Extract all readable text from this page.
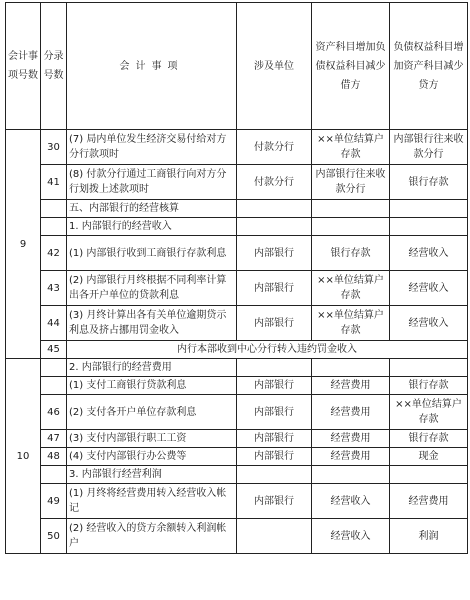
会计事项号数	分录号数	会计事项	涉及单位	资产科目增加负债权益科目减少借方	负债权益科目增加资产科目减少贷方
9	30	(7) 局内单位发生经济交易付给对方分行款项时	付款分行	××单位结算户存款	内部银行往来收款分行
	41	(8) 付款分行通过工商银行向对方分行划拨上述款项时	付款分行	内部银行往来收款分行	银行存款
		五、内部银行的经营核算			
		1. 内部银行的经营收入			
	42	(1) 内部银行收到工商银行存款利息	内部银行	银行存款	经营收入
	43	(2) 内部银行月终根据不同利率计算出各开户单位的贷款利息	内部银行	××单位结算户存款	经营收入
	44	(3) 月终计算出各有关单位逾期贷示利息及挤占挪用罚金收入	内部银行	××单位结算户存款	经营收入
	45	内行本部收到中心分行转入违约罚金收入			
10		2. 内部银行的经营费用			
		(1) 支付工商银行贷款利息	内部银行	经营费用	银行存款
	46	(2) 支付各开户单位存款利息	内部银行	经营费用	××单位结算户存款
	47	(3) 支付内部银行职工工资	内部银行	经营费用	银行存款
	48	(4) 支付内部银行办公费等	内部银行	经营费用	现金
		3. 内部银行经营利润			
	49	(1) 月终将经营费用转入经营收入帐记	内部银行	经营收入	经营费用
	50	(2) 经营收入的贷方余额转入利润帐户		经营收入	利润
